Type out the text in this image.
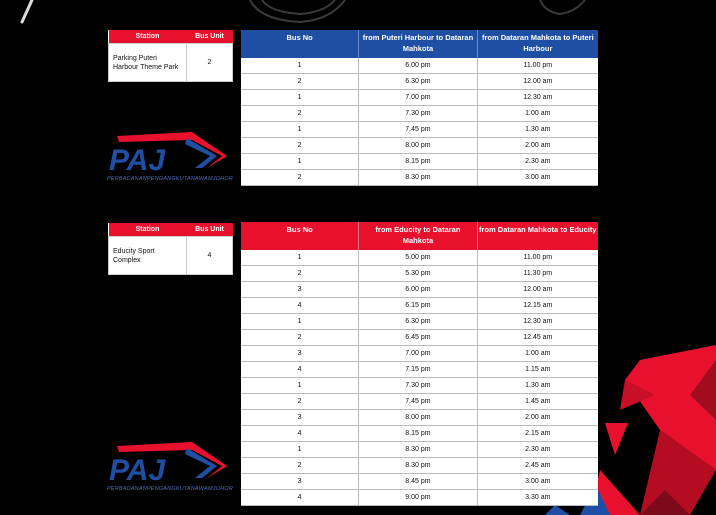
Station	Bus Unit
Parking Puteri Harbour Theme Park	2
Bus No	from Puteri Harbour to Dataran Mahkota	from Dataran Mahkota to Puteri Harbour
1	6.00 pm	11.00 pm
2	6.30 pm	12.00 am
1	7.00 pm	12.30 am
2	7.30 pm	1.00 am
1	7.45 pm	1.30 am
2	8.00 pm	2.00 am
1	8.15 pm	2.30 am
2	8.30 pm	3.00 am
PAJ
PERBADANANPENGANGKUTANAWAMJOHOR
Station	Bus Unit
Educity Sport Complex	4
Bus No	from Educity to Dataran Mahkota	from Dataran Mahkota to Educity
1	5.00 pm	11.00 pm
2	5.30 pm	11.30 pm
3	6.00 pm	12.00 am
4	6.15 pm	12.15 am
1	6.30 pm	12.30 am
2	6.45 pm	12.45 am
3	7.00 pm	1.00 am
4	7.15 pm	1.15 am
1	7.30 pm	1.30 am
2	7.45 pm	1.45 am
3	8.00 pm	2.00 am
4	8.15 pm	2.15 am
1	8.30 pm	2.30 am
2	8.30 pm	2.45 am
3	8.45 pm	3.00 am
4	9.00 pm	3.30 am
PAJ
PERBADANANPENGANGKUTANAWAMJOHOR
